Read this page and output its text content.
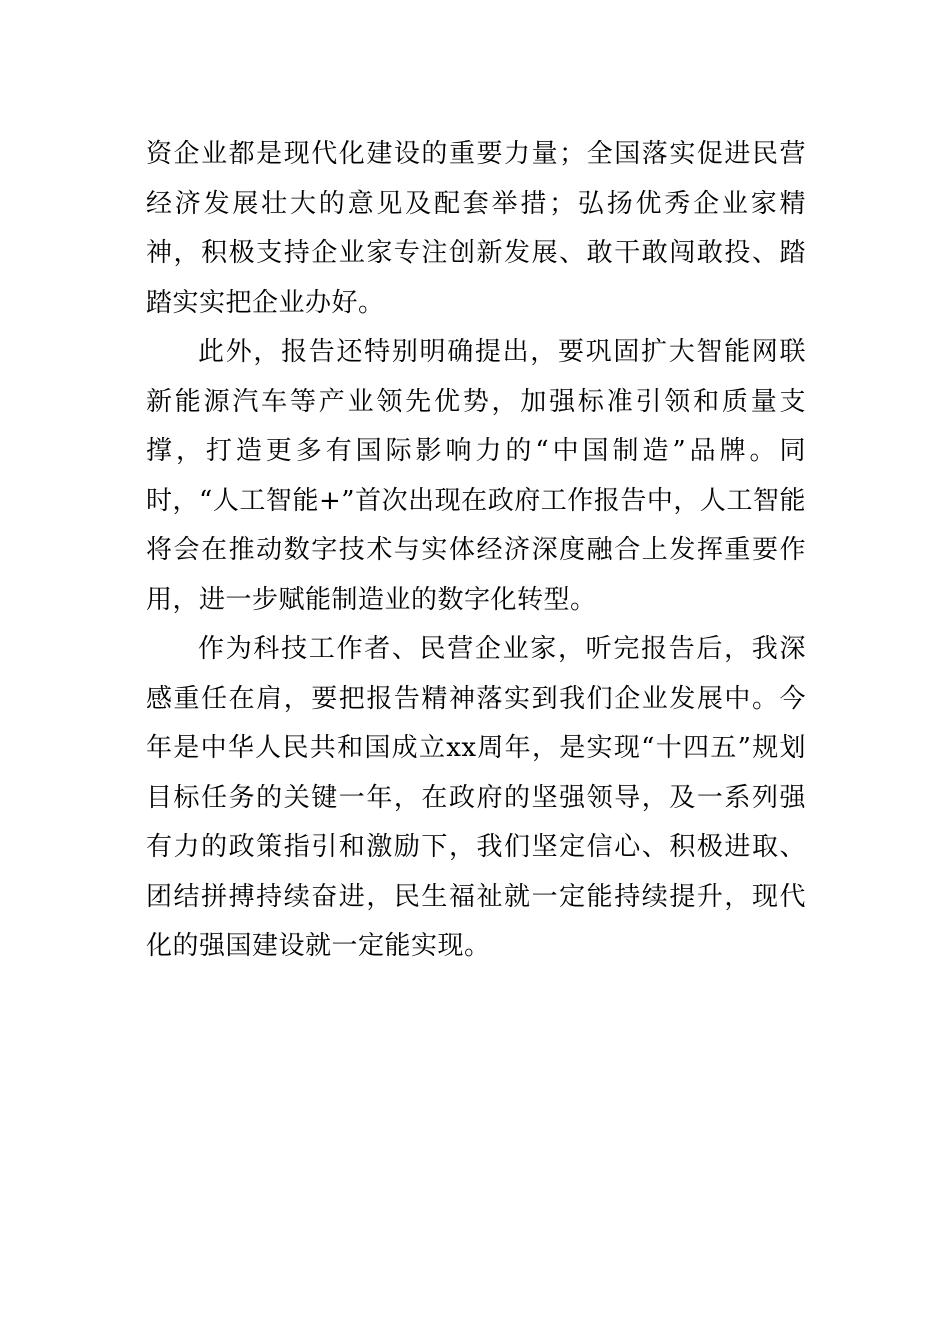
资企业都是现代化建设的重要力量；全国落实促进民营经济发展壮大的意见及配套举措；弘扬优秀企业家精神，积极支持企业家专注创新发展、敢干敢闯敢投、踏踏实实把企业办好。

此外，报告还特别明确提出，要巩固扩大智能网联新能源汽车等产业领先优势，加强标准引领和质量支撑，打造更多有国际影响力的“中国制造”品牌。同时，“人工智能+”首次出现在政府工作报告中，人工智能将会在推动数字技术与实体经济深度融合上发挥重要作用，进一步赋能制造业的数字化转型。

作为科技工作者、民营企业家，听完报告后，我深感重任在肩，要把报告精神落实到我们企业发展中。今年是中华人民共和国成立xx周年，是实现“十四五”规划目标任务的关键一年，在政府的坚强领导，及一系列强有力的政策指引和激励下，我们坚定信心、积极进取、团结拼搏持续奋进，民生福祉就一定能持续提升，现代化的强国建设就一定能实现。
